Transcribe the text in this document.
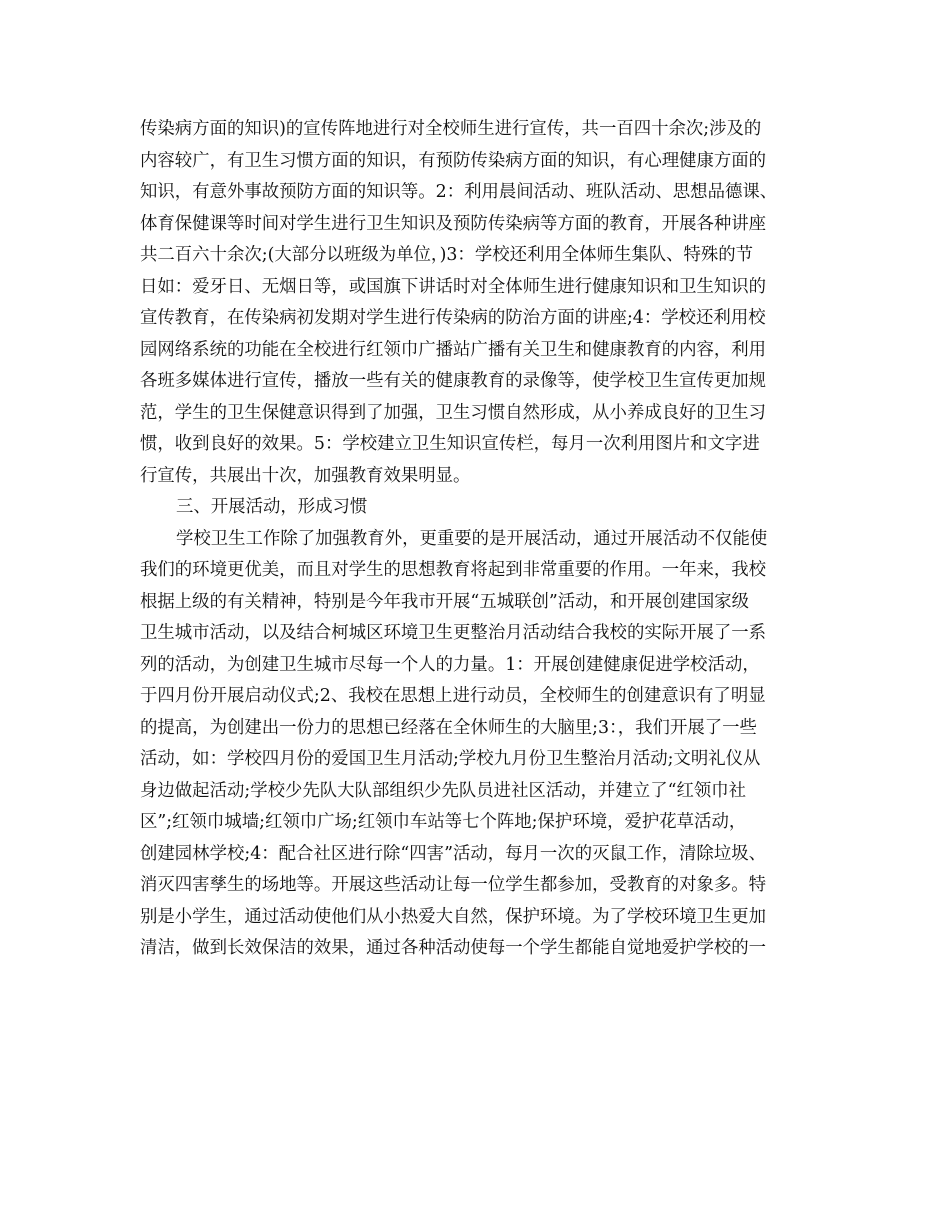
传染病方面的知识)的宣传阵地进行对全校师生进行宣传，共一百四十余次;涉及的
内容较广，有卫生习惯方面的知识，有预防传染病方面的知识，有心理健康方面的
知识，有意外事故预防方面的知识等。2：利用晨间活动、班队活动、思想品德课、
体育保健课等时间对学生进行卫生知识及预防传染病等方面的教育，开展各种讲座
共二百六十余次;(大部分以班级为单位，)3：学校还利用全体师生集队、特殊的节
日如：爱牙日、无烟日等，或国旗下讲话时对全体师生进行健康知识和卫生知识的
宣传教育，在传染病初发期对学生进行传染病的防治方面的讲座;4：学校还利用校
园网络系统的功能在全校进行红领巾广播站广播有关卫生和健康教育的内容，利用
各班多媒体进行宣传，播放一些有关的健康教育的录像等，使学校卫生宣传更加规
范，学生的卫生保健意识得到了加强，卫生习惯自然形成，从小养成良好的卫生习
惯，收到良好的效果。5：学校建立卫生知识宣传栏，每月一次利用图片和文字进
行宣传，共展出十次，加强教育效果明显。
三、开展活动，形成习惯
学校卫生工作除了加强教育外，更重要的是开展活动，通过开展活动不仅能使
我们的环境更优美，而且对学生的思想教育将起到非常重要的作用。一年来，我校
根据上级的有关精神，特别是今年我市开展“五城联创”活动，和开展创建国家级
卫生城市活动，以及结合柯城区环境卫生更整治月活动结合我校的实际开展了一系
列的活动，为创建卫生城市尽每一个人的力量。1：开展创建健康促进学校活动，
于四月份开展启动仪式;2、我校在思想上进行动员，全校师生的创建意识有了明显
的提高，为创建出一份力的思想已经落在全休师生的大脑里;3：，我们开展了一些
活动，如：学校四月份的爱国卫生月活动;学校九月份卫生整治月活动;文明礼仪从
身边做起活动;学校少先队大队部组织少先队员进社区活动，并建立了“红领巾社
区”;红领巾城墙;红领巾广场;红领巾车站等七个阵地;保护环境，爱护花草活动，
创建园林学校;4：配合社区进行除“四害”活动，每月一次的灭鼠工作，清除垃圾、
消灭四害孳生的场地等。开展这些活动让每一位学生都参加，受教育的对象多。特
别是小学生，通过活动使他们从小热爱大自然，保护环境。为了学校环境卫生更加
清洁，做到长效保洁的效果，通过各种活动使每一个学生都能自觉地爱护学校的一
